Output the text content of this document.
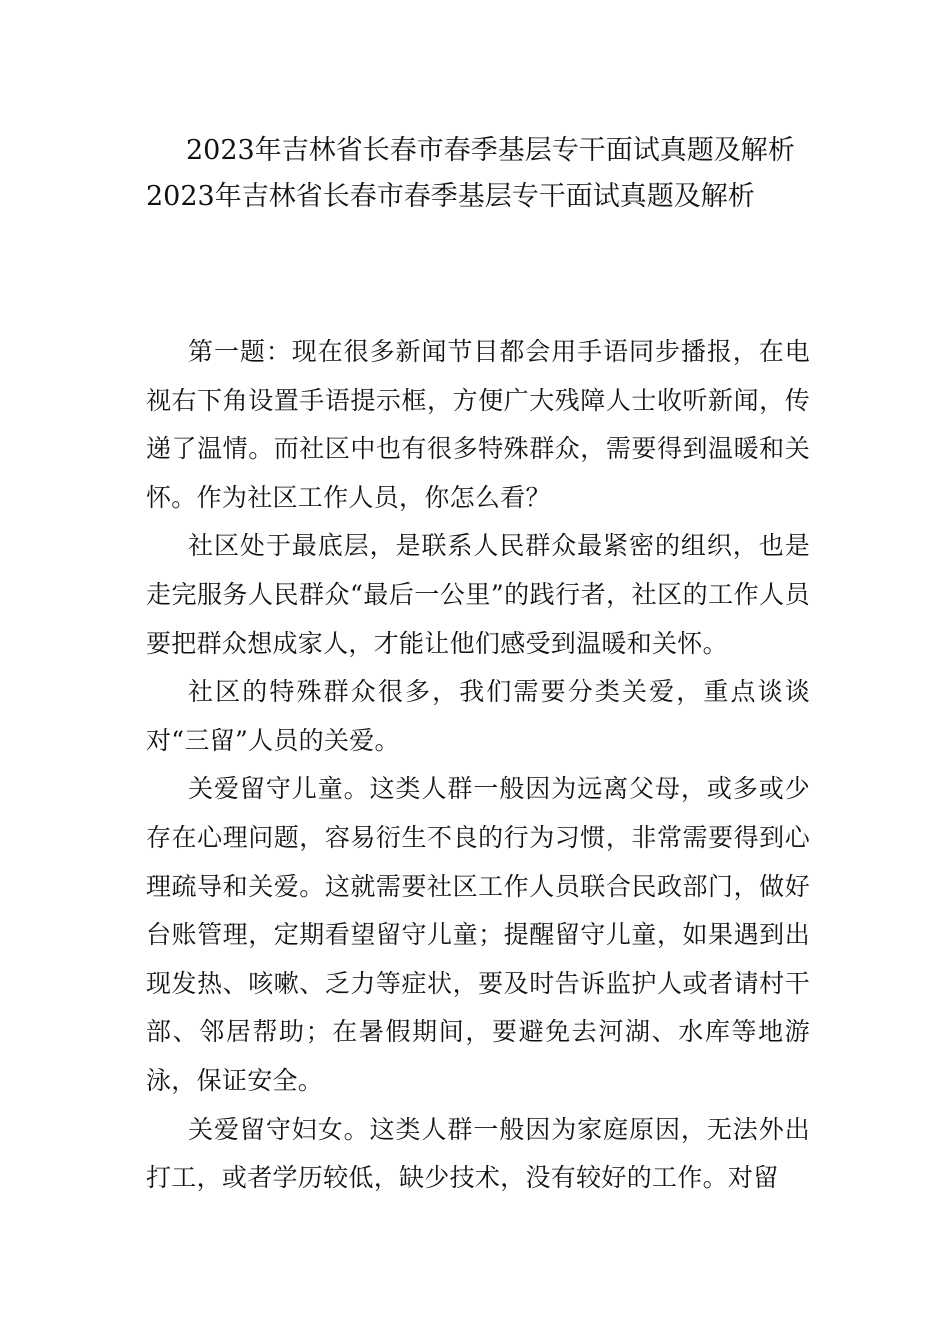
2023年吉林省长春市春季基层专干面试真题及解析

2023年吉林省长春市春季基层专干面试真题及解析

第一题：现在很多新闻节目都会用手语同步播报，在电视右下角设置手语提示框，方便广大残障人士收听新闻，传递了温情。而社区中也有很多特殊群众，需要得到温暖和关怀。作为社区工作人员，你怎么看？

社区处于最底层，是联系人民群众最紧密的组织，也是走完服务人民群众“最后一公里”的践行者，社区的工作人员要把群众想成家人，才能让他们感受到温暖和关怀。

社区的特殊群众很多，我们需要分类关爱，重点谈谈对“三留”人员的关爱。

关爱留守儿童。这类人群一般因为远离父母，或多或少存在心理问题，容易衍生不良的行为习惯，非常需要得到心理疏导和关爱。这就需要社区工作人员联合民政部门，做好台账管理，定期看望留守儿童；提醒留守儿童，如果遇到出现发热、咳嗽、乏力等症状，要及时告诉监护人或者请村干部、邻居帮助；在暑假期间，要避免去河湖、水库等地游泳，保证安全。

关爱留守妇女。这类人群一般因为家庭原因，无法外出打工，或者学历较低，缺少技术，没有较好的工作。对留
